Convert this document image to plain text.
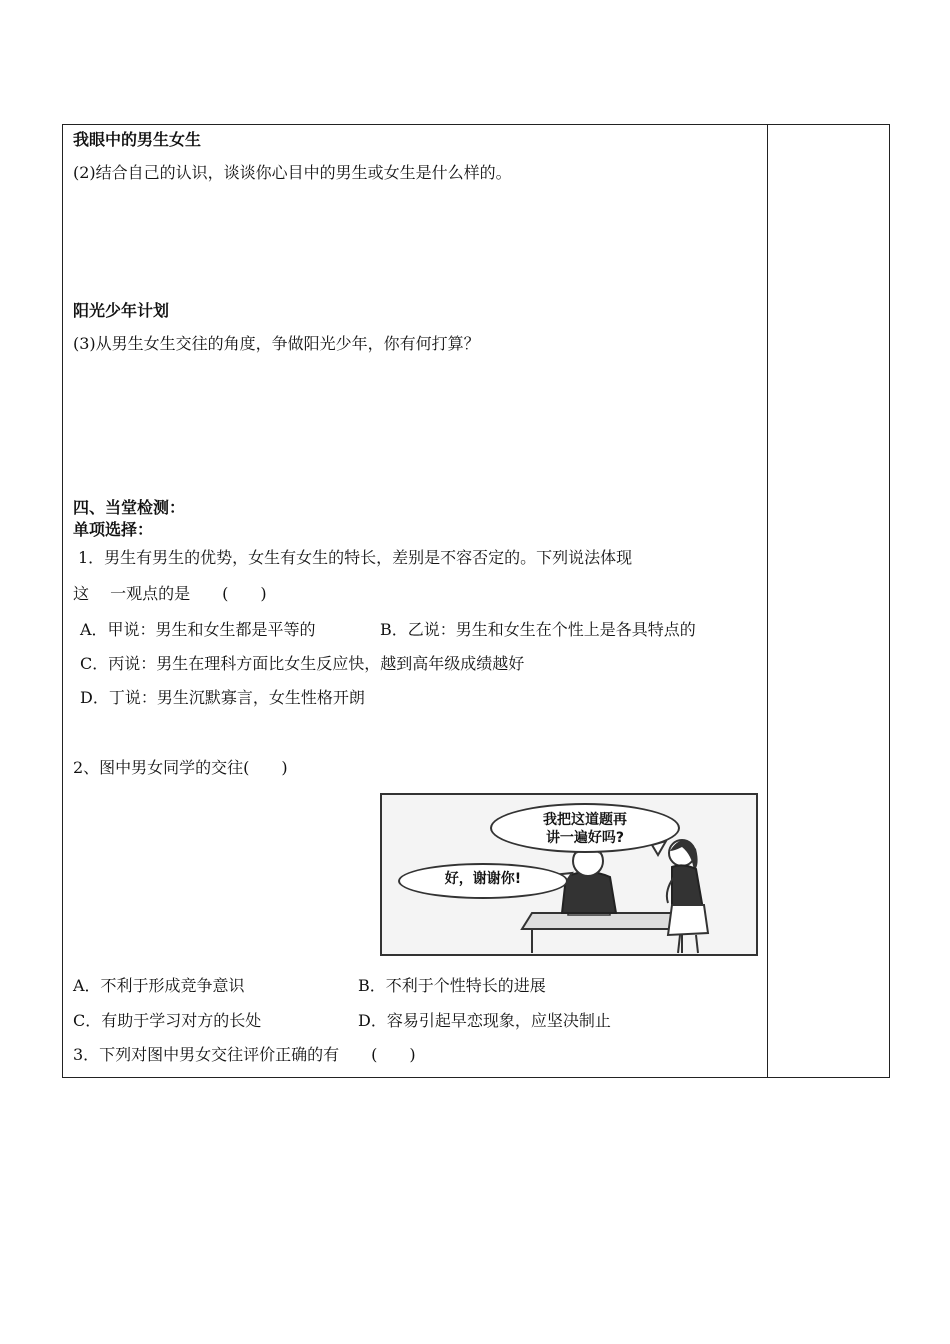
我眼中的男生女生
(2)结合自己的认识，谈谈你心目中的男生或女生是什么样的。
阳光少年计划
(3)从男生女生交往的角度，争做阳光少年，你有何打算？
四、当堂检测：
单项选择：
1．男生有男生的优势，女生有女生的特长，差别是不容否定的。下列说法体现
这　 一观点的是　　(　　)
A．甲说：男生和女生都是平等的	B．乙说：男生和女生在个性上是各具特点的
C．丙说：男生在理科方面比女生反应快，越到高年级成绩越好
D．丁说：男生沉默寡言，女生性格开朗
2、图中男女同学的交往(　　)
我把这道题再
讲一遍好吗?
好，谢谢你!
A．不利于形成竞争意识	B．不利于个性特长的进展
C．有助于学习对方的长处	D．容易引起早恋现象，应坚决制止
3．下列对图中男女交往评价正确的有　　(　　)
